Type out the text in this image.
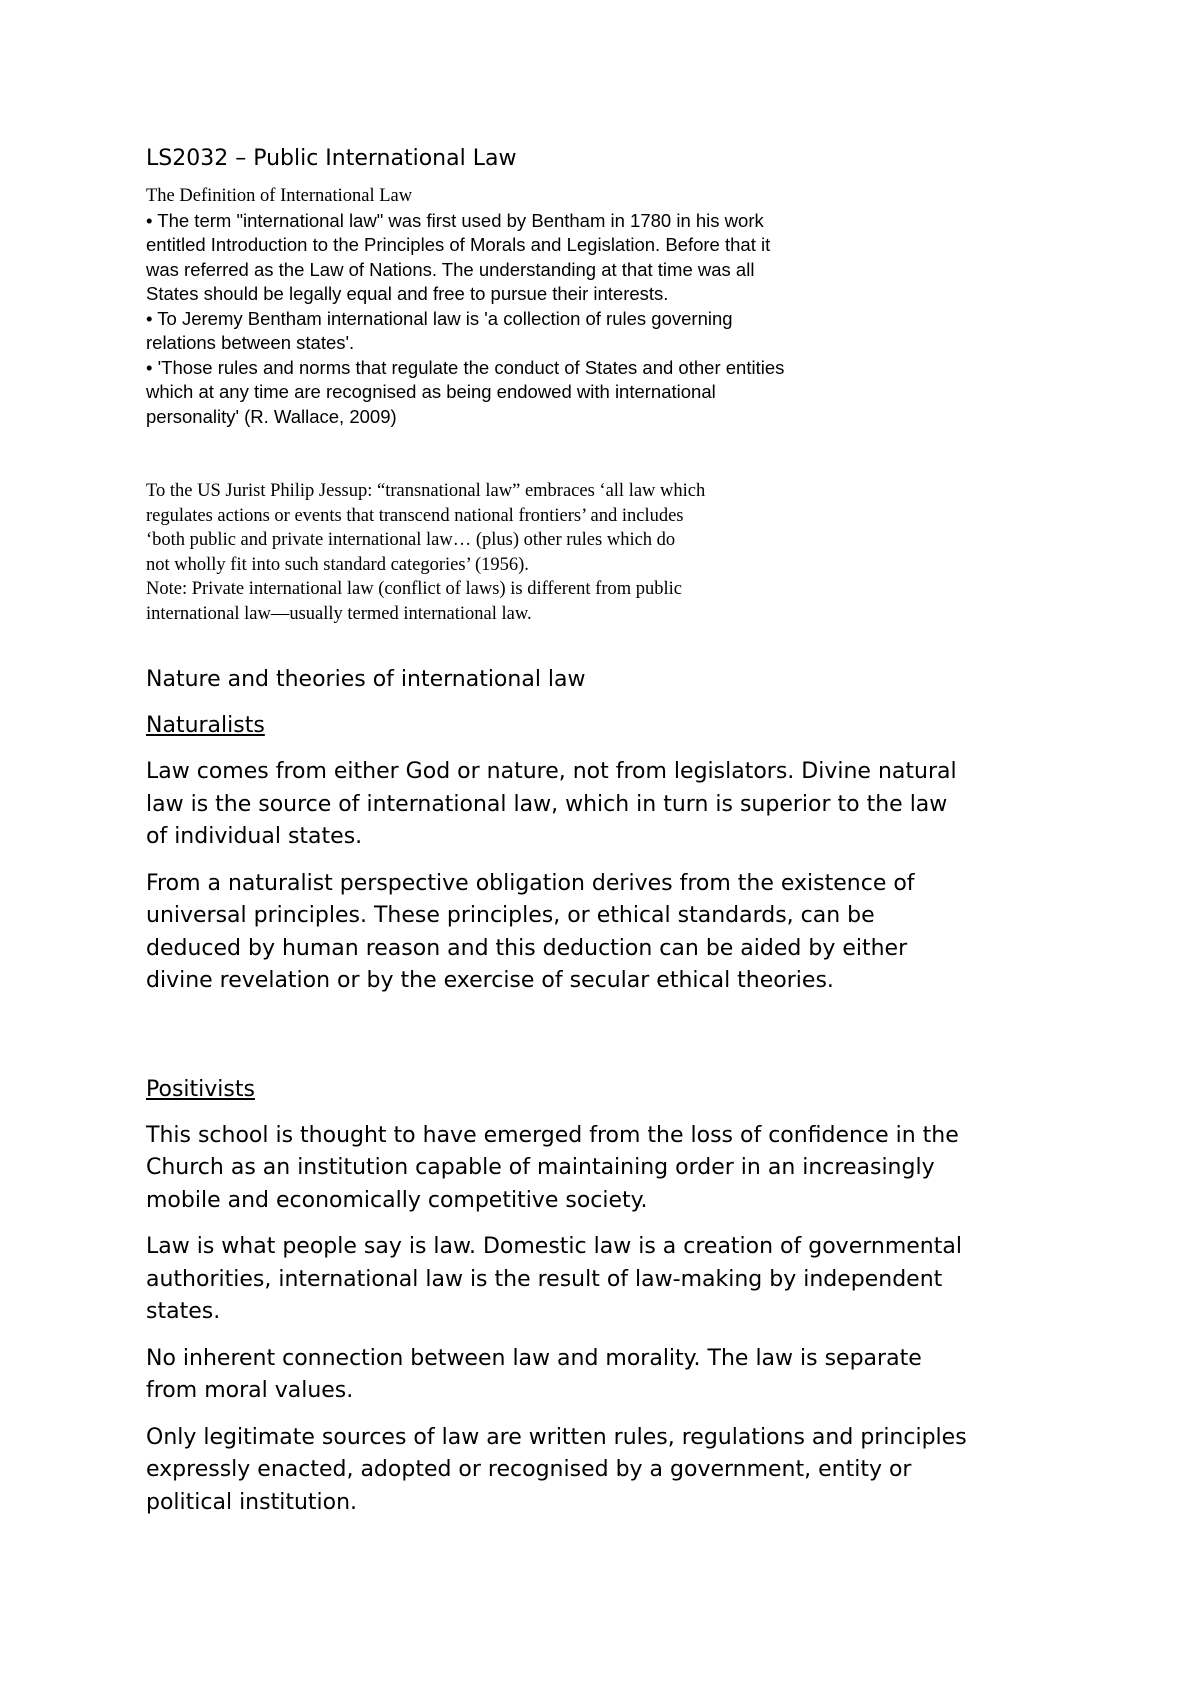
LS2032 – Public International Law
The Definition of International Law
• The term "international law" was first used by Bentham in 1780 in his work
entitled Introduction to the Principles of Morals and Legislation. Before that it
was referred as the Law of Nations. The understanding at that time was all
States should be legally equal and free to pursue their interests.
• To Jeremy Bentham international law is 'a collection of rules governing
relations between states'.
• 'Those rules and norms that regulate the conduct of States and other entities
which at any time are recognised as being endowed with international
personality' (R. Wallace, 2009)
To the US Jurist Philip Jessup: “transnational law” embraces ‘all law which
regulates actions or events that transcend national frontiers’ and includes
‘both public and private international law… (plus) other rules which do
not wholly fit into such standard categories’ (1956).
Note: Private international law (conflict of laws) is different from public
international law—usually termed international law.
Nature and theories of international law
Naturalists

Law comes from either God or nature, not from legislators. Divine natural
law is the source of international law, which in turn is superior to the law
of individual states.

From a naturalist perspective obligation derives from the existence of
universal principles. These principles, or ethical standards, can be
deduced by human reason and this deduction can be aided by either
divine revelation or by the exercise of secular ethical theories.

Positivists

This school is thought to have emerged from the loss of confidence in the
Church as an institution capable of maintaining order in an increasingly
mobile and economically competitive society.

Law is what people say is law. Domestic law is a creation of governmental
authorities, international law is the result of law-making by independent
states.

No inherent connection between law and morality. The law is separate
from moral values.

Only legitimate sources of law are written rules, regulations and principles
expressly enacted, adopted or recognised by a government, entity or
political institution.
